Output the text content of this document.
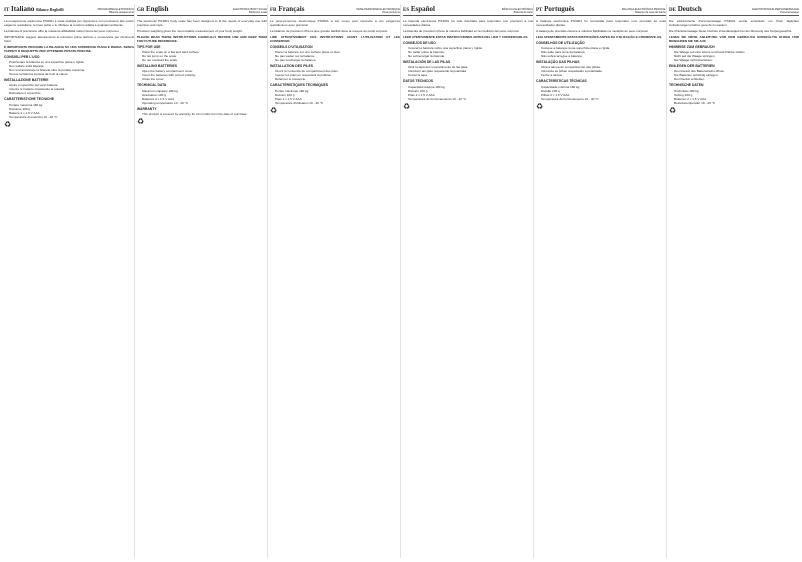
IT Italiano Bilance Beghelli	PROGRAMMA ELETTRONICO
Bilancia pesapersone

La pesapersone elettronica PS3001 è stata studiata per rispondere con precisione alle vostre esigenze quotidiane; le linee pulite e le rifiniture la rendono adatta a qualsiasi ambiente.

La bilancia di precisione offre la massima affidabilità nella misura del peso corporeo.

IMPORTANTE: leggere attentamente le istruzioni prima dell'uso e conservarle per riferimenti futuri.

È IMPORTANTE PROVARE LA BILANCIA SU UNA SUPERFICIE PIANA E RIGIDA, SENZA TAPPETI O MOQUETTE PER OTTENERE PESATE PRECISE.

CONSIGLI PER L'USO
• Posizionare la bilancia su una superficie piana e rigida.
• Non saltare sulla bilancia.
• Non sovraccaricare la bilancia oltre la portata massima.
• Tenere la bilancia lontana da fonti di calore.
INSTALLAZIONE BATTERIE
• Aprire il coperchio del vano batterie.
• Inserire le batterie rispettando la polarità.
• Richiudere il coperchio.
CARATTERISTICHE TECNICHE
• Portata massima 180 kg
• Divisione 100 g
• Batterie 2 x 1.5 V AAA
• Temperatura di esercizio 10 - 40 °C
♻
GB English	ELECTRONIC BODY SCALE
Bathroom scale

The electronic PS3001 body scale has been designed to fit the needs of everyday use with precision and style.

Precision weighing gives the most reliable measurement of your body weight.

PLEASE READ THESE INSTRUCTIONS CAREFULLY BEFORE USE AND KEEP THEM FOR FUTURE REFERENCE.

TIPS FOR USE
• Place the scale on a flat and hard surface.
• Do not jump on the scale.
• Do not overload the scale.
INSTALLING BATTERIES
• Open the battery compartment cover.
• Insert the batteries with correct polarity.
• Close the cover.
TECHNICAL DATA
• Maximum capacity 180 kg
• Graduation 100 g
• Batteries 2 x 1.5 V AAA
• Operating temperature 10 - 40 °C
WARRANTY
• This product is covered by warranty for 24 months from the date of purchase.
♻
FR Français	PESE-PERSONNE ELECTRONIQUE
Pèse-personne

Le pèse-personne électronique PS3001 a été conçu pour répondre à vos exigences quotidiennes avec précision.

La balance de précision offre la plus grande fiabilité dans la mesure du poids corporel.

LIRE ATTENTIVEMENT CES INSTRUCTIONS AVANT L'UTILISATION ET LES CONSERVER.

CONSEILS D'UTILISATION
• Placer la balance sur une surface plane et dure.
• Ne pas sauter sur la balance.
• Ne pas surcharger la balance.
INSTALLATION DES PILES
• Ouvrir le couvercle du compartiment des piles.
• Insérer les piles en respectant la polarité.
• Refermer le couvercle.
CARACTÉRISTIQUES TECHNIQUES
• Portée maximale 180 kg
• Division 100 g
• Piles 2 x 1,5 V AAA
• Température d'utilisation 10 - 40 °C
♻
ES Español	BÁSCULA ELECTRÓNICA
Báscula de baño

La báscula electrónica PS3001 ha sido diseñada para responder con precisión a sus necesidades diarias.

La báscula de precisión ofrece la máxima fiabilidad en la medición del peso corporal.

LEER ATENTAMENTE ESTAS INSTRUCCIONES ANTES DEL USO Y CONSERVARLAS.

CONSEJOS DE USO
• Colocar la báscula sobre una superficie plana y rígida.
• No saltar sobre la báscula.
• No sobrecargar la báscula.
INSTALACIÓN DE LAS PILAS
• Abrir la tapa del compartimento de las pilas.
• Introducir las pilas respetando la polaridad.
• Cerrar la tapa.
DATOS TÉCNICOS
• Capacidad máxima 180 kg
• División 100 g
• Pilas 2 x 1,5 V AAA
• Temperatura de funcionamiento 10 - 40 °C
♻
PT Português	BALANÇA ELECTRÓNICA PESSOAL
Balança de casa de banho

A balança electrónica PS3001 foi concebida para responder com precisão às suas necessidades diárias.

A balança de precisão oferece a máxima fiabilidade na medição do peso corporal.

LEIA ATENTAMENTE ESTAS INSTRUÇÕES ANTES DA UTILIZAÇÃO E CONSERVE-AS.

CONSELHOS DE UTILIZAÇÃO
• Coloque a balança numa superfície plana e rígida.
• Não salte para cima da balança.
• Não sobrecarregue a balança.
INSTALAÇÃO DAS PILHAS
• Abra a tampa do compartimento das pilhas.
• Introduza as pilhas respeitando a polaridade.
• Feche a tampa.
CARACTERÍSTICAS TÉCNICAS
• Capacidade máxima 180 kg
• Divisão 100 g
• Pilhas 2 x 1,5 V AAA
• Temperatura de funcionamento 10 - 40 °C
♻
DE Deutsch	ELEKTRONISCHE PERSONENWAAGE
Personenwaage

Die elektronische Personenwaage PS3001 wurde entwickelt, um Ihren täglichen Anforderungen präzise gerecht zu werden.

Die Präzisionswaage bietet höchste Zuverlässigkeit bei der Messung des Körpergewichts.

LESEN SIE DIESE ANLEITUNG VOR DEM GEBRAUCH SORGFÄLTIG DURCH UND BEWAHREN SIE SIE AUF.

HINWEISE ZUM GEBRAUCH
• Die Waage auf eine ebene und harte Fläche stellen.
• Nicht auf die Waage springen.
• Die Waage nicht überlasten.
EINLEGEN DER BATTERIEN
• Den Deckel des Batteriefachs öffnen.
• Die Batterien polrichtig einlegen.
• Den Deckel schließen.
TECHNISCHE DATEN
• Höchstlast 180 kg
• Teilung 100 g
• Batterien 2 x 1,5 V AAA
• Betriebstemperatur 10 - 40 °C
♻
